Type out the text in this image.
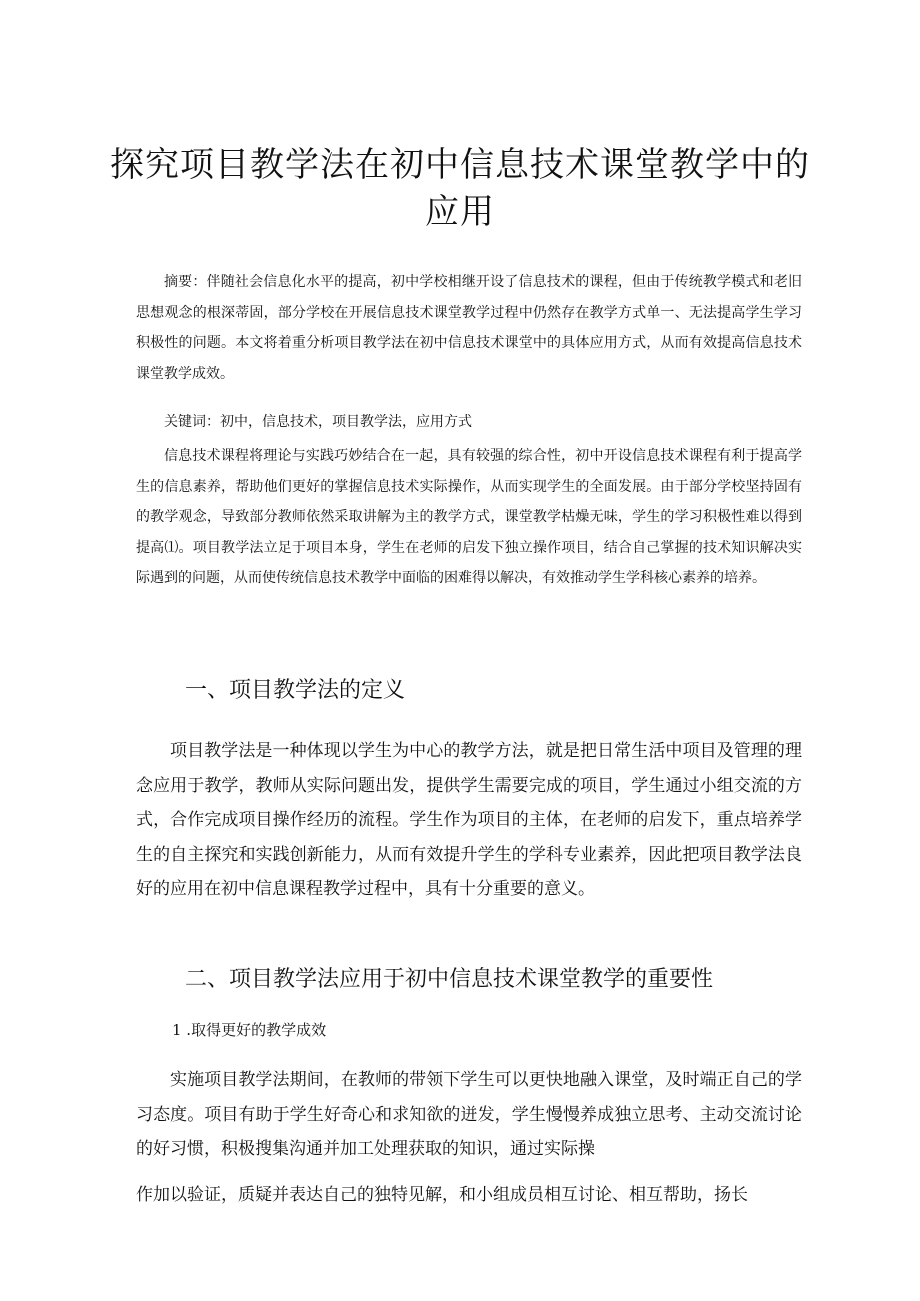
探究项目教学法在初中信息技术课堂教学中的应用

摘要：伴随社会信息化水平的提高，初中学校相继开设了信息技术的课程，但由于传统教学模式和老旧思想观念的根深蒂固，部分学校在开展信息技术课堂教学过程中仍然存在教学方式单一、无法提高学生学习积极性的问题。本文将着重分析项目教学法在初中信息技术课堂中的具体应用方式，从而有效提高信息技术课堂教学成效。

关键词：初中，信息技术，项目教学法，应用方式

信息技术课程将理论与实践巧妙结合在一起，具有较强的综合性，初中开设信息技术课程有利于提高学生的信息素养，帮助他们更好的掌握信息技术实际操作，从而实现学生的全面发展。由于部分学校坚持固有的教学观念，导致部分教师依然采取讲解为主的教学方式，课堂教学枯燥无味，学生的学习积极性难以得到提高⑴。项目教学法立足于项目本身，学生在老师的启发下独立操作项目，结合自己掌握的技术知识解决实际遇到的问题，从而使传统信息技术教学中面临的困难得以解决，有效推动学生学科核心素养的培养。

一、项目教学法的定义

项目教学法是一种体现以学生为中心的教学方法，就是把日常生活中项目及管理的理念应用于教学，教师从实际问题出发，提供学生需要完成的项目，学生通过小组交流的方式，合作完成项目操作经历的流程。学生作为项目的主体，在老师的启发下，重点培养学生的自主探究和实践创新能力，从而有效提升学生的学科专业素养，因此把项目教学法良好的应用在初中信息课程教学过程中，具有十分重要的意义。

二、项目教学法应用于初中信息技术课堂教学的重要性
1 .取得更好的教学成效

实施项目教学法期间，在教师的带领下学生可以更快地融入课堂，及时端正自己的学习态度。项目有助于学生好奇心和求知欲的迸发，学生慢慢养成独立思考、主动交流讨论的好习惯，积极搜集沟通并加工处理获取的知识，通过实际操

作加以验证，质疑并表达自己的独特见解，和小组成员相互讨论、相互帮助，扬长
